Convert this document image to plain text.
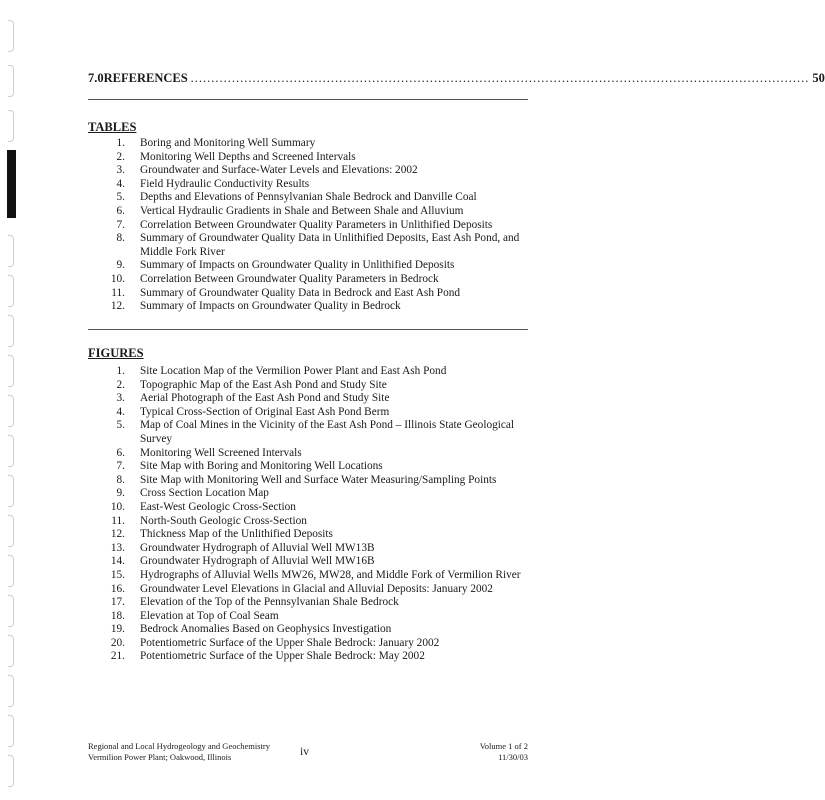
7.0 REFERENCES ...................................................................................................................................................... 50
TABLES
1.	Boring and Monitoring Well Summary
2.	Monitoring Well Depths and Screened Intervals
3.	Groundwater and Surface-Water Levels and Elevations: 2002
4.	Field Hydraulic Conductivity Results
5.	Depths and Elevations of Pennsylvanian Shale Bedrock and Danville Coal
6.	Vertical Hydraulic Gradients in Shale and Between Shale and Alluvium
7.	Correlation Between Groundwater Quality Parameters in Unlithified Deposits
8.	Summary of Groundwater Quality Data in Unlithified Deposits, East Ash Pond, and Middle Fork River
9.	Summary of Impacts on Groundwater Quality in Unlithified Deposits
10.	Correlation Between Groundwater Quality Parameters in Bedrock
11.	Summary of Groundwater Quality Data in Bedrock and East Ash Pond
12.	Summary of Impacts on Groundwater Quality in Bedrock
FIGURES
1.	Site Location Map of the Vermilion Power Plant and East Ash Pond
2.	Topographic Map of the East Ash Pond and Study Site
3.	Aerial Photograph of the East Ash Pond and Study Site
4.	Typical Cross-Section of Original East Ash Pond Berm
5.	Map of Coal Mines in the Vicinity of the East Ash Pond – Illinois State Geological Survey
6.	Monitoring Well Screened Intervals
7.	Site Map with Boring and Monitoring Well Locations
8.	Site Map with Monitoring Well and Surface Water Measuring/Sampling Points
9.	Cross Section Location Map
10.	East-West Geologic Cross-Section
11.	North-South Geologic Cross-Section
12.	Thickness Map of the Unlithified Deposits
13.	Groundwater Hydrograph of Alluvial Well MW13B
14.	Groundwater Hydrograph of Alluvial Well MW16B
15.	Hydrographs of Alluvial Wells MW26, MW28, and Middle Fork of Vermilion River
16.	Groundwater Level Elevations in Glacial and Alluvial Deposits: January 2002
17.	Elevation of the Top of the Pennsylvanian Shale Bedrock
18.	Elevation at Top of Coal Seam
19.	Bedrock Anomalies Based on Geophysics Investigation
20.	Potentiometric Surface of the Upper Shale Bedrock: January 2002
21.	Potentiometric Surface of the Upper Shale Bedrock: May 2002
Regional and Local Hydrogeology and Geochemistry
Vermilion Power Plant; Oakwood, Illinois	iv	Volume 1 of 2
11/30/03
